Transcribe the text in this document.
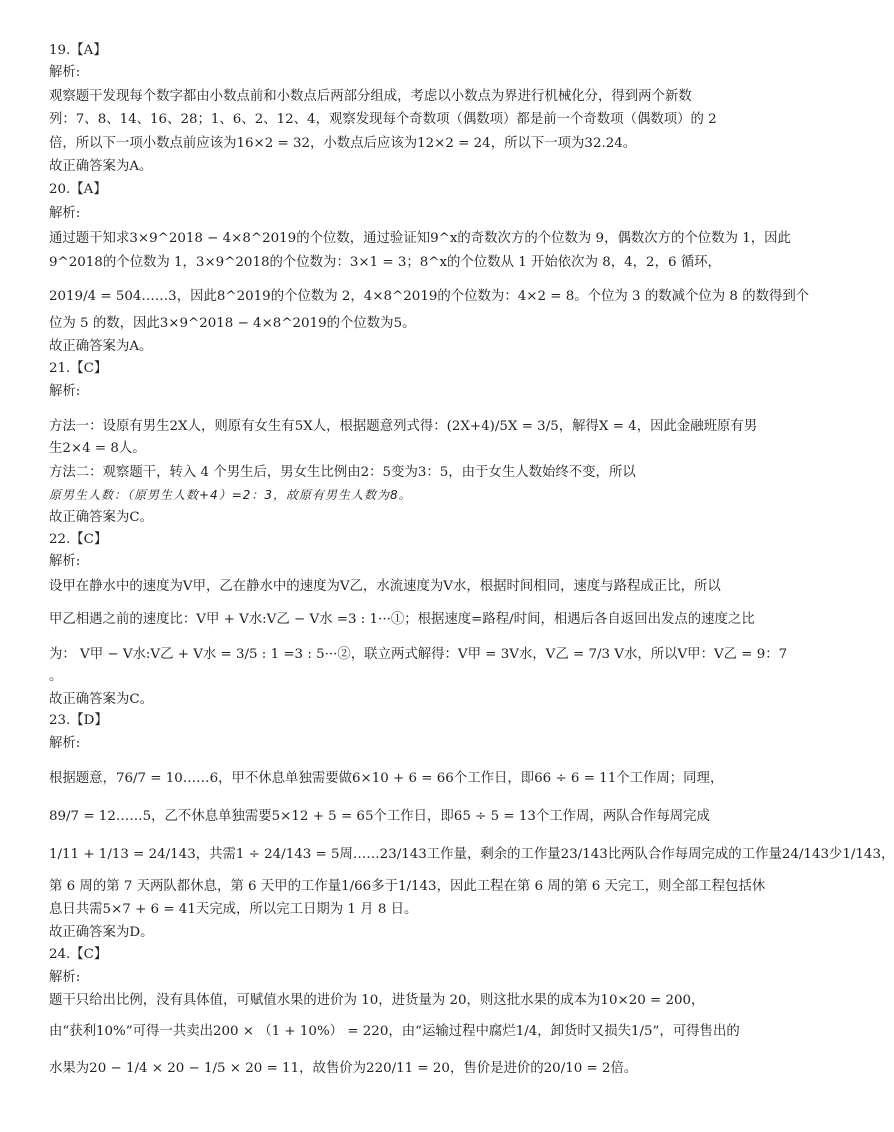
19.【A】
解析:
观察题干发现每个数字都由小数点前和小数点后两部分组成，考虑以小数点为界进行机械化分，得到两个新数
列：7、8、14、16、28；1、6、2、12、4，观察发现每个奇数项（偶数项）都是前一个奇数项（偶数项）的 2
倍，所以下一项小数点前应该为16×2 = 32，小数点后应该为12×2 = 24，所以下一项为32.24。
故正确答案为A。
20.【A】
解析:
通过题干知求3×9^2018 − 4×8^2019的个位数，通过验证知9^x的奇数次方的个位数为 9，偶数次方的个位数为 1，因此
9^2018的个位数为 1，3×9^2018的个位数为：3×1 = 3；8^x的个位数从 1 开始依次为 8，4，2，6 循环，
2019/4 = 504……3，因此8^2019的个位数为 2，4×8^2019的个位数为：4×2 = 8。个位为 3 的数减个位为 8 的数得到个
位为 5 的数，因此3×9^2018 − 4×8^2019的个位数为5。
故正确答案为A。
21.【C】
解析:
方法一：设原有男生2X人，则原有女生有5X人，根据题意列式得：(2X+4)/5X = 3/5，解得X = 4，因此金融班原有男
生2×4 = 8人。
方法二：观察题干，转入 4 个男生后，男女生比例由2：5变为3：5，由于女生人数始终不变，所以
原男生人数：（原男生人数+4）=2：3，故原有男生人数为8。
故正确答案为C。
22.【C】
解析:
设甲在静水中的速度为V甲，乙在静水中的速度为V乙，水流速度为V水，根据时间相同，速度与路程成正比，所以
甲乙相遇之前的速度比：V甲 + V水:V乙 − V水 =3 : 1···①；根据速度=路程/时间，相遇后各自返回出发点的速度之比
为： V甲 − V水:V乙 + V水 = 3/5 : 1 =3 : 5···②，联立两式解得：V甲 = 3V水，V乙 = 7/3 V水，所以V甲：V乙 = 9：7
。
故正确答案为C。
23.【D】
解析:
根据题意，76/7 = 10……6，甲不休息单独需要做6×10 + 6 = 66个工作日，即66 ÷ 6 = 11个工作周；同理，
89/7 = 12……5，乙不休息单独需要5×12 + 5 = 65个工作日，即65 ÷ 5 = 13个工作周，两队合作每周完成
1/11 + 1/13 = 24/143，共需1 ÷ 24/143 = 5周……23/143工作量，剩余的工作量23/143比两队合作每周完成的工作量24/143少1/143，
第 6 周的第 7 天两队都休息，第 6 天甲的工作量1/66多于1/143，因此工程在第 6 周的第 6 天完工，则全部工程包括休
息日共需5×7 + 6 = 41天完成，所以完工日期为 1 月 8 日。
故正确答案为D。
24.【C】
解析:
题干只给出比例，没有具体值，可赋值水果的进价为 10，进货量为 20，则这批水果的成本为10×20 = 200，
由“获利10%”可得一共卖出200 × （1 + 10%） = 220，由“运输过程中腐烂1/4，卸货时又损失1/5”，可得售出的
水果为20 − 1/4 × 20 − 1/5 × 20 = 11，故售价为220/11 = 20，售价是进价的20/10 = 2倍。
